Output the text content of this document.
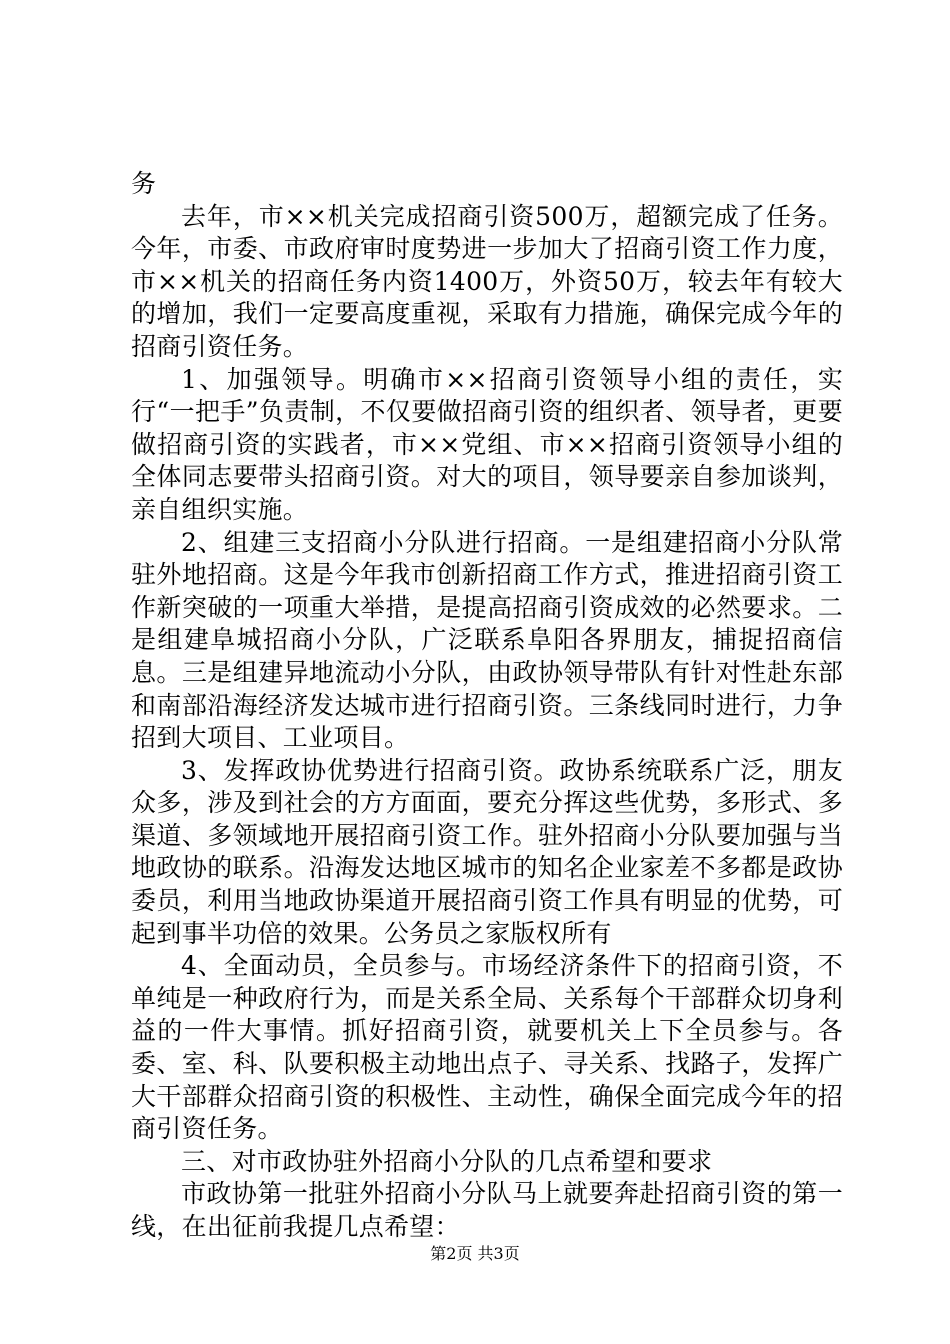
务

去年，市××机关完成招商引资500万，超额完成了任务。今年，市委、市政府审时度势进一步加大了招商引资工作力度，市××机关的招商任务内资1400万，外资50万，较去年有较大的增加，我们一定要高度重视，采取有力措施，确保完成今年的招商引资任务。

1、加强领导。明确市××招商引资领导小组的责任，实行“一把手”负责制，不仅要做招商引资的组织者、领导者，更要做招商引资的实践者，市××党组、市××招商引资领导小组的全体同志要带头招商引资。对大的项目，领导要亲自参加谈判，亲自组织实施。

2、组建三支招商小分队进行招商。一是组建招商小分队常驻外地招商。这是今年我市创新招商工作方式，推进招商引资工作新突破的一项重大举措，是提高招商引资成效的必然要求。二是组建阜城招商小分队，广泛联系阜阳各界朋友，捕捉招商信息。三是组建异地流动小分队，由政协领导带队有针对性赴东部和南部沿海经济发达城市进行招商引资。三条线同时进行，力争招到大项目、工业项目。

3、发挥政协优势进行招商引资。政协系统联系广泛，朋友众多，涉及到社会的方方面面，要充分挥这些优势，多形式、多渠道、多领域地开展招商引资工作。驻外招商小分队要加强与当地政协的联系。沿海发达地区城市的知名企业家差不多都是政协委员，利用当地政协渠道开展招商引资工作具有明显的优势，可起到事半功倍的效果。公务员之家版权所有

4、全面动员，全员参与。市场经济条件下的招商引资，不单纯是一种政府行为，而是关系全局、关系每个干部群众切身利益的一件大事情。抓好招商引资，就要机关上下全员参与。各委、室、科、队要积极主动地出点子、寻关系、找路子，发挥广大干部群众招商引资的积极性、主动性，确保全面完成今年的招商引资任务。

三、对市政协驻外招商小分队的几点希望和要求

市政协第一批驻外招商小分队马上就要奔赴招商引资的第一线，在出征前我提几点希望：

第2页 共3页
